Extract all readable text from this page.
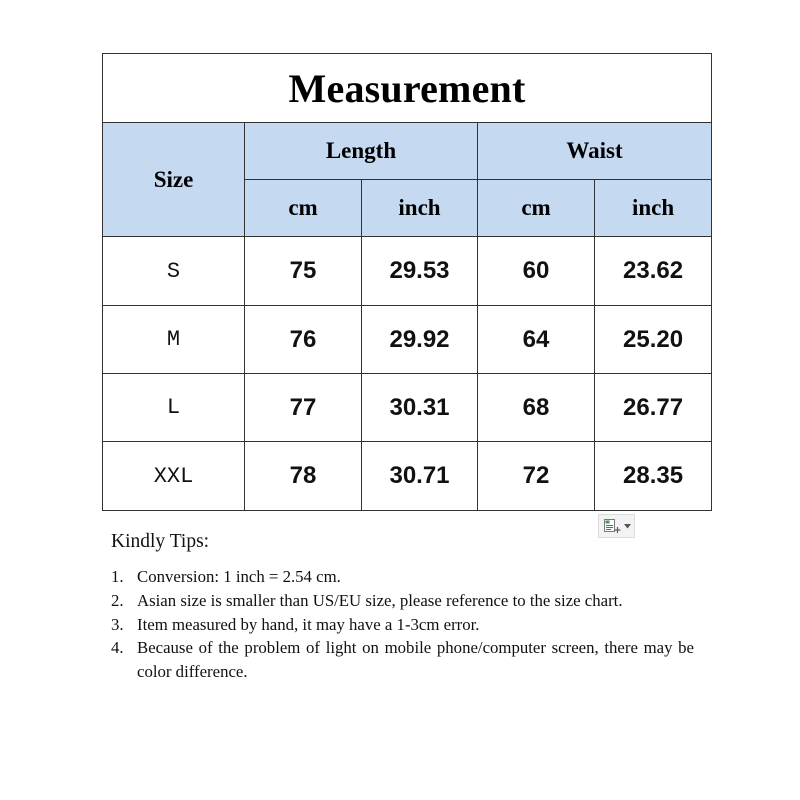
Measurement				
Size	Length		Waist	
	cm	inch	cm	inch
S	75	29.53	60	23.62
M	76	29.92	64	25.20
L	77	30.31	68	26.77
XXL	78	30.71	72	28.35
Kindly Tips:
1. Conversion: 1 inch = 2.54 cm.
2. Asian size is smaller than US/EU size, please reference to the size chart.
3. Item measured by hand, it may have a 1-3cm error.
4. Because of the problem of light on mobile phone/computer screen, there may be color difference.
